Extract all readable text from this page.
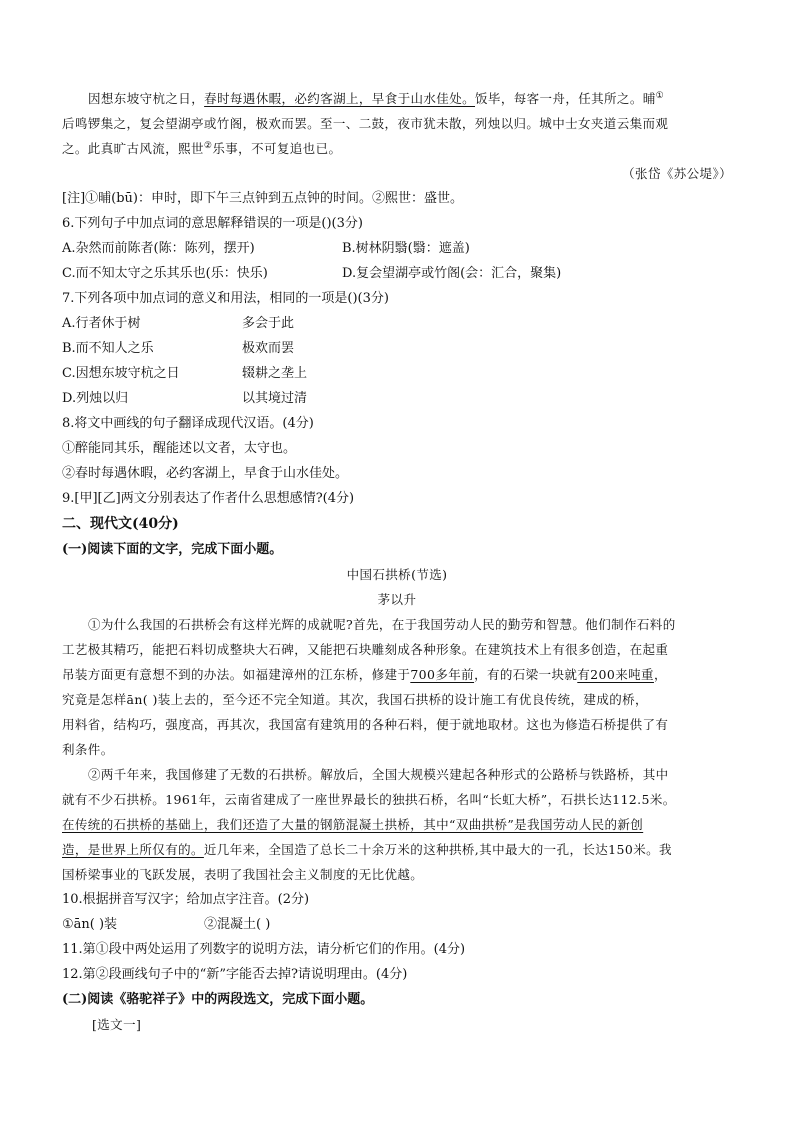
因想东坡守杭之日，春时每遇休暇，必约客湖上，早食于山水佳处。饭毕，每客一舟，任其所之。晡①
后鸣锣集之，复会望湖亭或竹阁，极欢而罢。至一、二鼓，夜市犹未散，列烛以归。城中士女夹道云集而观
之。此真旷古风流，熙世②乐事，不可复追也已。
（张岱《苏公堤》）
[注]①晡(bū)：申时，即下午三点钟到五点钟的时间。②熙世：盛世。
6.下列句子中加点词的意思解释错误的一项是()(3分)
A.杂然而前陈者(陈：陈列，摆开)	B.树林阴翳(翳：遮盖)
C.而不知太守之乐其乐也(乐：快乐)	D.复会望湖亭或竹阁(会：汇合，聚集)
7.下列各项中加点词的意义和用法，相同的一项是()(3分)
A.行者休于树	多会于此
B.而不知人之乐	极欢而罢
C.因想东坡守杭之日	辍耕之垄上
D.列烛以归	以其境过清
8.将文中画线的句子翻译成现代汉语。(4分)
①醉能同其乐，醒能述以文者，太守也。
②春时每遇休暇，必约客湖上，早食于山水佳处。
9.[甲][乙]两文分别表达了作者什么思想感情?(4分)
二、现代文(40分)
(一)阅读下面的文字，完成下面小题。
中国石拱桥(节选)
茅以升
①为什么我国的石拱桥会有这样光辉的成就呢?首先，在于我国劳动人民的勤劳和智慧。他们制作石料的
工艺极其精巧，能把石料切成整块大石碑，又能把石块雕刻成各种形象。在建筑技术上有很多创造，在起重
吊装方面更有意想不到的办法。如福建漳州的江东桥，修建于700多年前，有的石梁一块就有200来吨重，
究竟是怎样ān( )装上去的，至今还不完全知道。其次，我国石拱桥的设计施工有优良传统，建成的桥，
用料省，结构巧，强度高，再其次，我国富有建筑用的各种石料，便于就地取材。这也为修造石桥提供了有
利条件。
②两千年来，我国修建了无数的石拱桥。解放后，全国大规模兴建起各种形式的公路桥与铁路桥，其中
就有不少石拱桥。1961年，云南省建成了一座世界最长的独拱石桥，名叫“长虹大桥”，石拱长达112.5米。
在传统的石拱桥的基础上，我们还造了大量的钢筋混凝土拱桥，其中“双曲拱桥”是我国劳动人民的新创
造，是世界上所仅有的。近几年来，全国造了总长二十余万米的这种拱桥,其中最大的一孔，长达150米。我
国桥梁事业的飞跃发展，表明了我国社会主义制度的无比优越。
10.根据拼音写汉字；给加点字注音。(2分)
①ān( )装	②混凝土( )
11.第①段中两处运用了列数字的说明方法，请分析它们的作用。(4分)
12.第②段画线句子中的“新”字能否去掉?请说明理由。(4分)
(二)阅读《骆驼祥子》中的两段选文，完成下面小题。
[选文一]
